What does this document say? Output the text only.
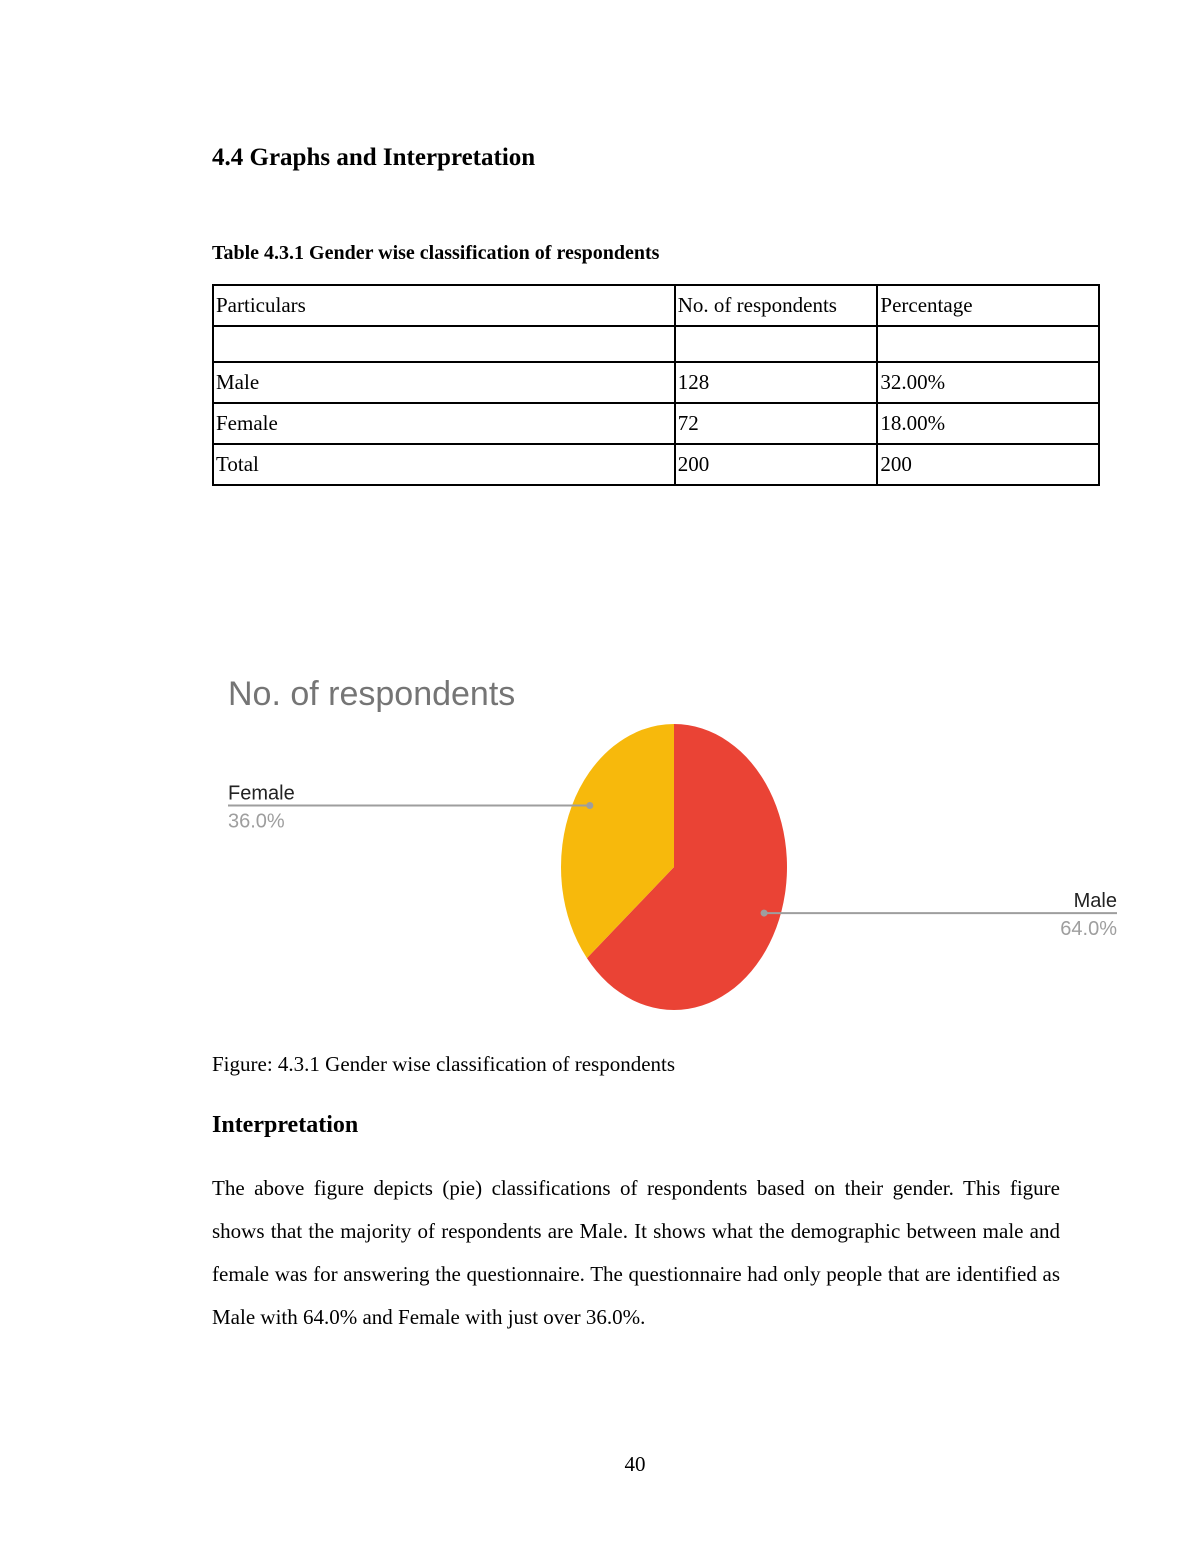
4.4 Graphs and Interpretation
Table 4.3.1 Gender wise classification of respondents
Particulars	No. of respondents	Percentage

Male	128	32.00%
Female	72	18.00%
Total	200	200
No. of respondents
Male
64.0%
Female
36.0%
Figure: 4.3.1 Gender wise classification of respondents
Interpretation

The above figure depicts (pie) classifications of respondents based on their gender. This figure shows that the majority of respondents are Male. It shows what the demographic between male and female was for answering the questionnaire. The questionnaire had only people that are identified as Male with 64.0% and Female with just over 36.0%.

40
